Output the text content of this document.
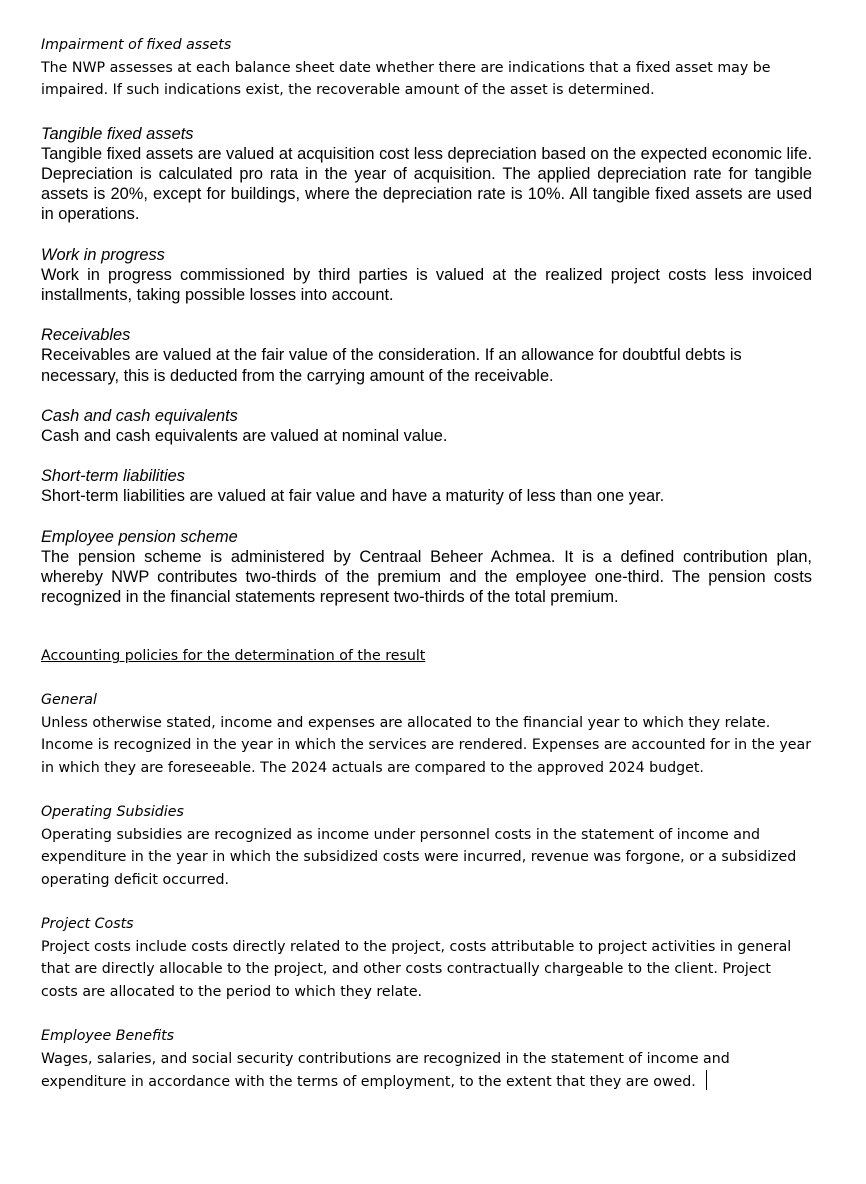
Impairment of fixed assets

The NWP assesses at each balance sheet date whether there are indications that a fixed asset may be impaired. If such indications exist, the recoverable amount of the asset is determined.

Tangible fixed assets

Tangible fixed assets are valued at acquisition cost less depreciation based on the expected economic life. Depreciation is calculated pro rata in the year of acquisition. The applied depreciation rate for tangible assets is 20%, except for buildings, where the depreciation rate is 10%. All tangible fixed assets are used in operations.

Work in progress

Work in progress commissioned by third parties is valued at the realized project costs less invoiced installments, taking possible losses into account.

Receivables

Receivables are valued at the fair value of the consideration. If an allowance for doubtful debts is necessary, this is deducted from the carrying amount of the receivable.

Cash and cash equivalents

Cash and cash equivalents are valued at nominal value.

Short-term liabilities

Short-term liabilities are valued at fair value and have a maturity of less than one year.

Employee pension scheme

The pension scheme is administered by Centraal Beheer Achmea. It is a defined contribution plan, whereby NWP contributes two-thirds of the premium and the employee one-third. The pension costs recognized in the financial statements represent two-thirds of the total premium.

Accounting policies for the determination of the result

General

Unless otherwise stated, income and expenses are allocated to the financial year to which they relate. Income is recognized in the year in which the services are rendered. Expenses are accounted for in the year in which they are foreseeable. The 2024 actuals are compared to the approved 2024 budget.

Operating Subsidies

Operating subsidies are recognized as income under personnel costs in the statement of income and expenditure in the year in which the subsidized costs were incurred, revenue was forgone, or a subsidized operating deficit occurred.

Project Costs

Project costs include costs directly related to the project, costs attributable to project activities in general that are directly allocable to the project, and other costs contractually chargeable to the client. Project costs are allocated to the period to which they relate.

Employee Benefits

Wages, salaries, and social security contributions are recognized in the statement of income and expenditure in accordance with the terms of employment, to the extent that they are owed.
